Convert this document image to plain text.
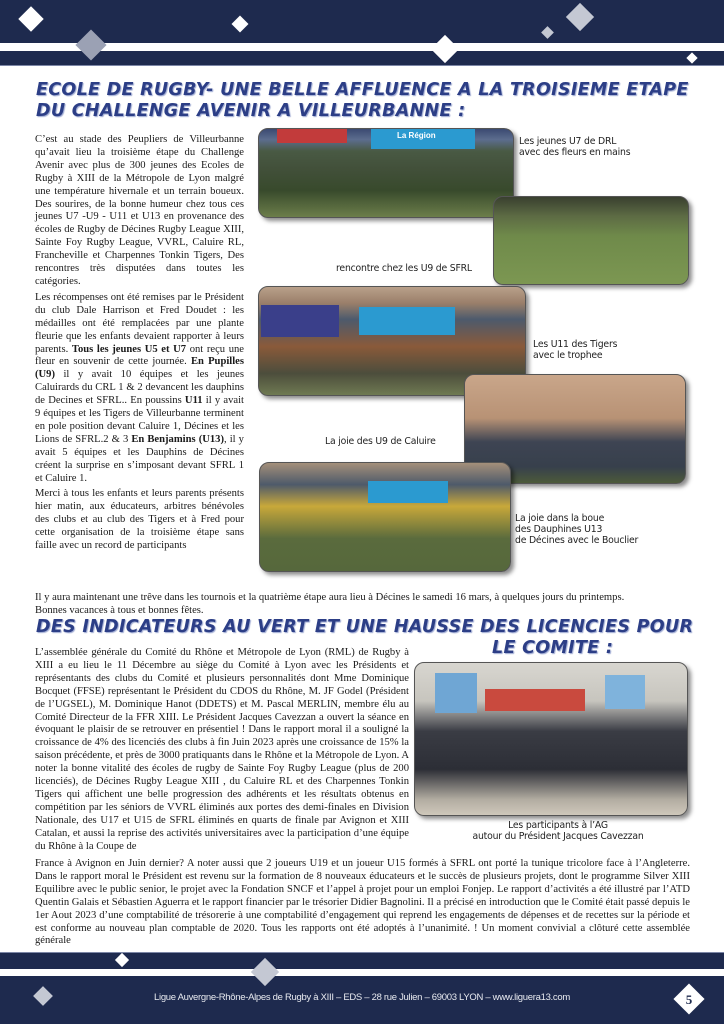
ECOLE DE RUGBY- UNE BELLE AFFLUENCE A LA TROISIEME ETAPE
DU CHALLENGE AVENIR A VILLEURBANNE :

C’est au stade des Peupliers de Villeurbanne qu’avait lieu la troisième étape du Challenge Avenir avec plus de 300 jeunes des Ecoles de Rugby à XIII de la Métropole de Lyon malgré une température hivernale et un terrain boueux. Des sourires, de la bonne humeur chez tous ces jeunes U7 -U9 - U11 et U13 en provenance des écoles de Rugby de Décines Rugby League XIII, Sainte Foy Rugby League, VVRL, Caluire RL, Francheville et Charpennes Tonkin Tigers, Des rencontres très disputées dans toutes les catégories.

Les récompenses ont été remises par le Président du club Dale Harrison et Fred Doudet : les médailles ont été remplacées par une plante fleurie que les enfants devaient rapporter à leurs parents. Tous les jeunes U5 et U7 ont reçu une fleur en souvenir de cette journée. En Pupilles (U9) il y avait 10 équipes et les jeunes Caluirards du CRL 1 & 2 devancent les dauphins de Decines et SFRL.. En poussins U11 il y avait 9 équipes et les Tigers de Villeurbanne terminent en pole position devant Caluire 1, Décines et les Lions de SFRL.2 & 3 En Benjamins (U13), il y avait 5 équipes et les Dauphins de Décines créent la surprise en s’imposant devant SFRL 1 et Caluire 1.

Merci à tous les enfants et leurs parents présents hier matin, aux éducateurs, arbitres bénévoles des clubs et au club des Tigers et à Fred pour cette organisation de la troisième étape sans faille avec un record de participants

Il y aura maintenant une trêve dans les tournois et la quatrième étape aura lieu à Décines le samedi 16 mars, à quelques jours du printemps.
Bonnes vacances à tous et bonnes fêtes.
La Région
Les jeunes U7 de DRL
avec des fleurs en mains
rencontre chez les U9 de SFRL
Les U11 des Tigers
avec le trophee
La joie des U9 de Caluire
La joie dans la boue
des Dauphines U13
de Décines avec le Bouclier
DES INDICATEURS AU VERT ET UNE HAUSSE DES LICENCIES POUR
LE COMITE :
L’assemblée générale du Comité du Rhône et Métropole de Lyon (RML) de Rugby à XIII a eu lieu le 11 Décembre au siège du Comité à Lyon avec les Présidents et représentants des clubs du Comité et plusieurs personnalités dont Mme Dominique Bocquet (FFSE) représentant le Président du CDOS du Rhône, M. JF Godel (Président de l’UGSEL), M. Dominique Hanot (DDETS) et M. Pascal MERLIN, membre élu au Comité Directeur de la FFR XIII. Le Président Jacques Cavezzan a ouvert la séance en évoquant le plaisir de se retrouver en présentiel ! Dans le rapport moral il a souligné la croissance de 4% des licenciés des clubs à fin Juin 2023 après une croissance de 15% la saison précédente, et près de 3000 pratiquants dans le Rhône et la Métropole de Lyon. A noter la bonne vitalité des écoles de rugby de Sainte Foy Rugby League (plus de 200 licenciés), de Décines Rugby League XIII , du Caluire RL et des Charpennes Tonkin Tigers qui affichent une belle progression des adhérents et les résultats obtenus en compétition par les séniors de VVRL éliminés aux portes des demi-finales en Division Nationale, des U17 et U15 de SFRL éliminés en quarts de finale par Avignon et XIII Catalan, et aussi la reprise des activités universitaires avec la participation d’une équipe du Rhône à la Coupe de
France à Avignon en Juin dernier? A noter aussi que 2 joueurs U19 et un joueur U15 formés à SFRL ont porté la tunique tricolore face à l’Angleterre. Dans le rapport moral le Président est revenu sur la formation de 8 nouveaux éducateurs et le succès de plusieurs projets, dont le programme Silver XIII Equilibre avec le public senior, le projet avec la Fondation SNCF et l’appel à projet pour un emploi Fonjep. Le rapport d’activités a été illustré par l’ATD Quentin Galais et Sébastien Aguerra et le rapport financier par le trésorier Didier Bagnolini. Il a précisé en introduction que le Comité était passé depuis le 1er Aout 2023 d’une comptabilité de trésorerie à une comptabilité d’engagement qui reprend les engagements de dépenses et de recettes sur la période et est conforme au nouveau plan comptable de 2020. Tous les rapports ont été adoptés à l’unanimité. ! Un moment convivial a clôturé cette assemblée générale
Les participants à l’AG
autour du Président Jacques Cavezzan
Ligue Auvergne-Rhône-Alpes de Rugby à XIII – EDS – 28 rue Julien – 69003 LYON – www.liguera13.com	5
